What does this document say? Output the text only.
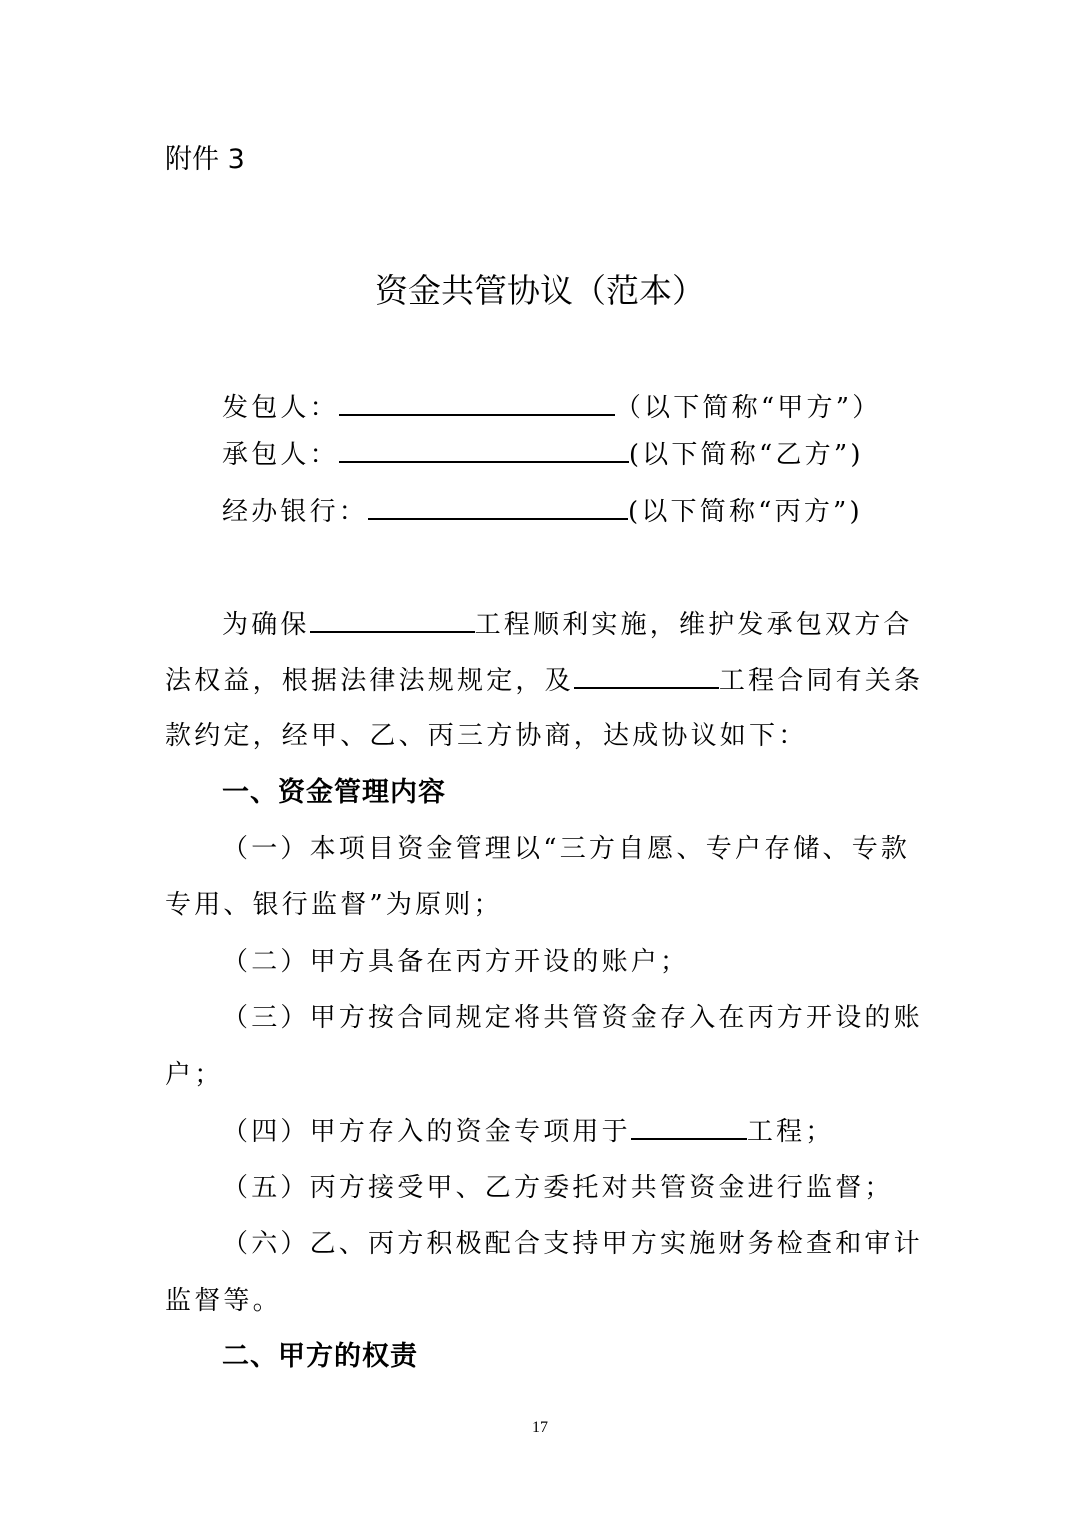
附件 3
资金共管协议（范本）
发包人：	（以下简称“甲方”）
承包人：	(以下简称“乙方”)
经办银行：	(以下简称“丙方”)
为确保	工程顺利实施，维护发承包双方合
法权益，根据法律法规规定，及	工程合同有关条
款约定，经甲、乙、丙三方协商，达成协议如下：
一、资金管理内容
（一）本项目资金管理以“三方自愿、专户存储、专款
专用、银行监督”为原则；
（二）甲方具备在丙方开设的账户；
（三）甲方按合同规定将共管资金存入在丙方开设的账
户；
（四）甲方存入的资金专项用于	工程；
（五）丙方接受甲、乙方委托对共管资金进行监督；
（六）乙、丙方积极配合支持甲方实施财务检查和审计
监督等。
二、甲方的权责
17
